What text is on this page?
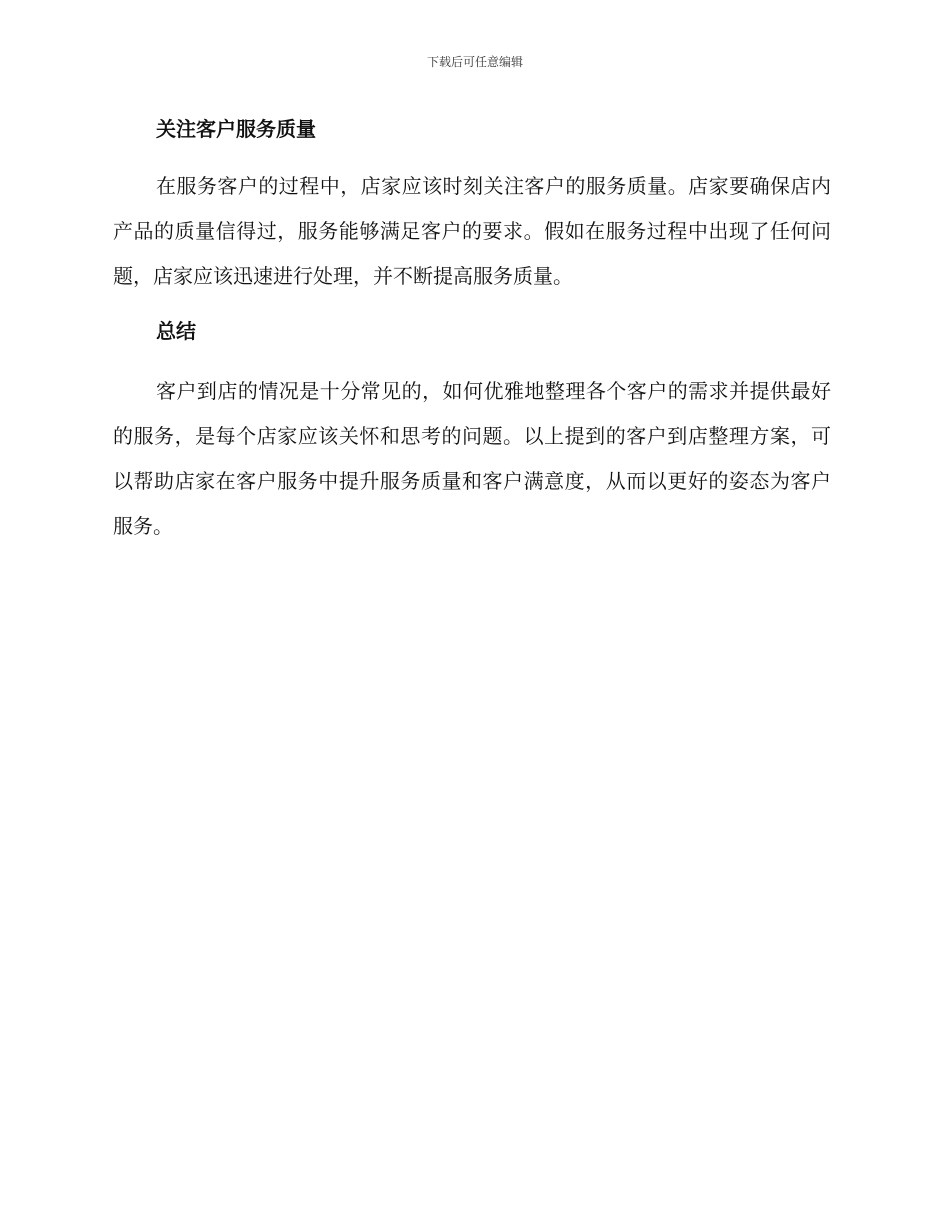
下载后可任意编辑
关注客户服务质量

在服务客户的过程中，店家应该时刻关注客户的服务质量。店家要确保店内产品的质量信得过，服务能够满足客户的要求。假如在服务过程中出现了任何问题，店家应该迅速进行处理，并不断提高服务质量。

总结

客户到店的情况是十分常见的，如何优雅地整理各个客户的需求并提供最好的服务，是每个店家应该关怀和思考的问题。以上提到的客户到店整理方案，可以帮助店家在客户服务中提升服务质量和客户满意度，从而以更好的姿态为客户服务。
